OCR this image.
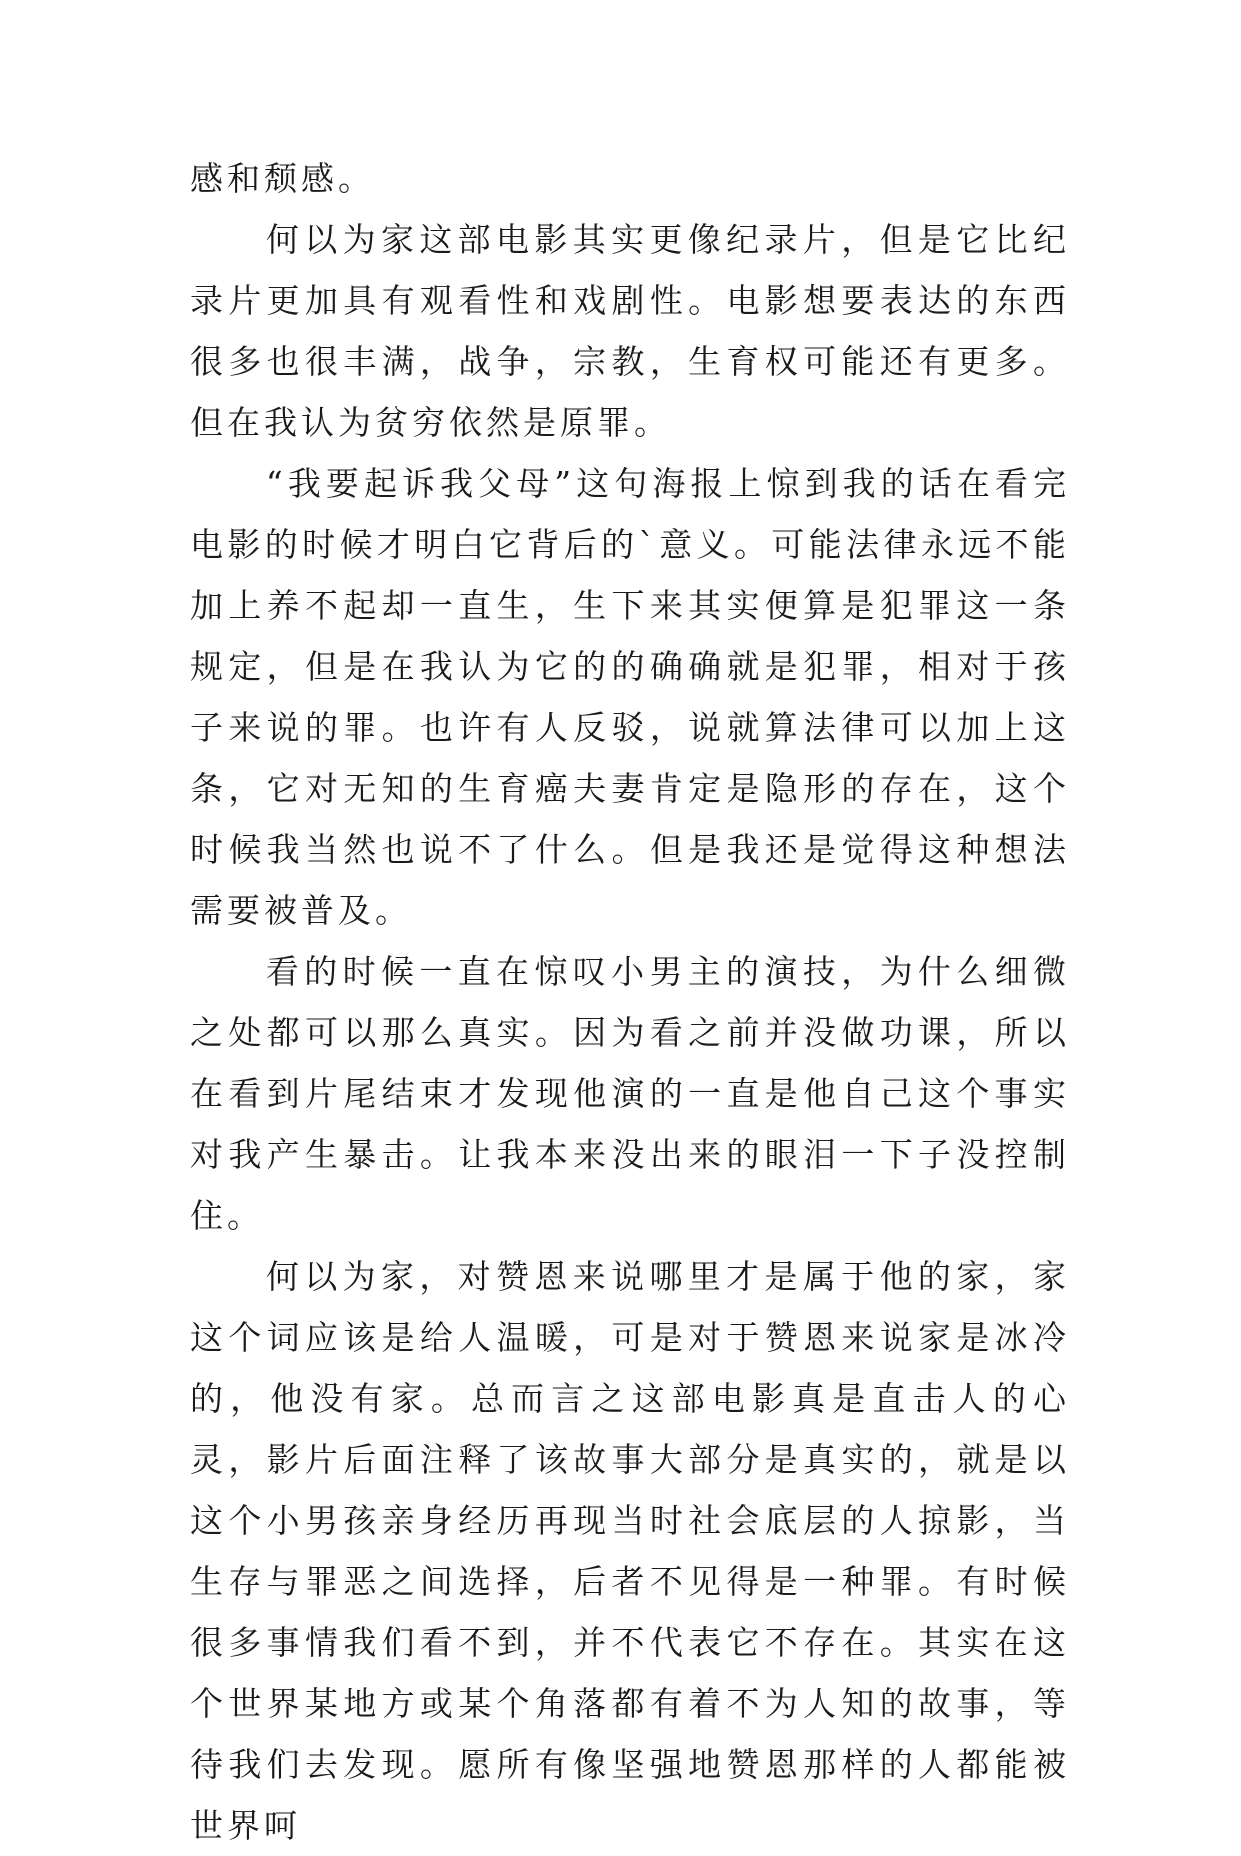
感和颓感。

何以为家这部电影其实更像纪录片，但是它比纪录片更加具有观看性和戏剧性。电影想要表达的东西很多也很丰满，战争，宗教，生育权可能还有更多。但在我认为贫穷依然是原罪。

“我要起诉我父母”这句海报上惊到我的话在看完电影的时候才明白它背后的`意义。可能法律永远不能加上养不起却一直生，生下来其实便算是犯罪这一条规定，但是在我认为它的的确确就是犯罪，相对于孩子来说的罪。也许有人反驳，说就算法律可以加上这条，它对无知的生育癌夫妻肯定是隐形的存在，这个时候我当然也说不了什么。但是我还是觉得这种想法需要被普及。

看的时候一直在惊叹小男主的演技，为什么细微之处都可以那么真实。因为看之前并没做功课，所以在看到片尾结束才发现他演的一直是他自己这个事实对我产生暴击。让我本来没出来的眼泪一下子没控制住。

何以为家，对赞恩来说哪里才是属于他的家，家这个词应该是给人温暖，可是对于赞恩来说家是冰冷的，他没有家。总而言之这部电影真是直击人的心灵，影片后面注释了该故事大部分是真实的，就是以这个小男孩亲身经历再现当时社会底层的人掠影，当生存与罪恶之间选择，后者不见得是一种罪。有时候很多事情我们看不到，并不代表它不存在。其实在这个世界某地方或某个角落都有着不为人知的故事，等待我们去发现。愿所有像坚强地赞恩那样的人都能被世界呵
